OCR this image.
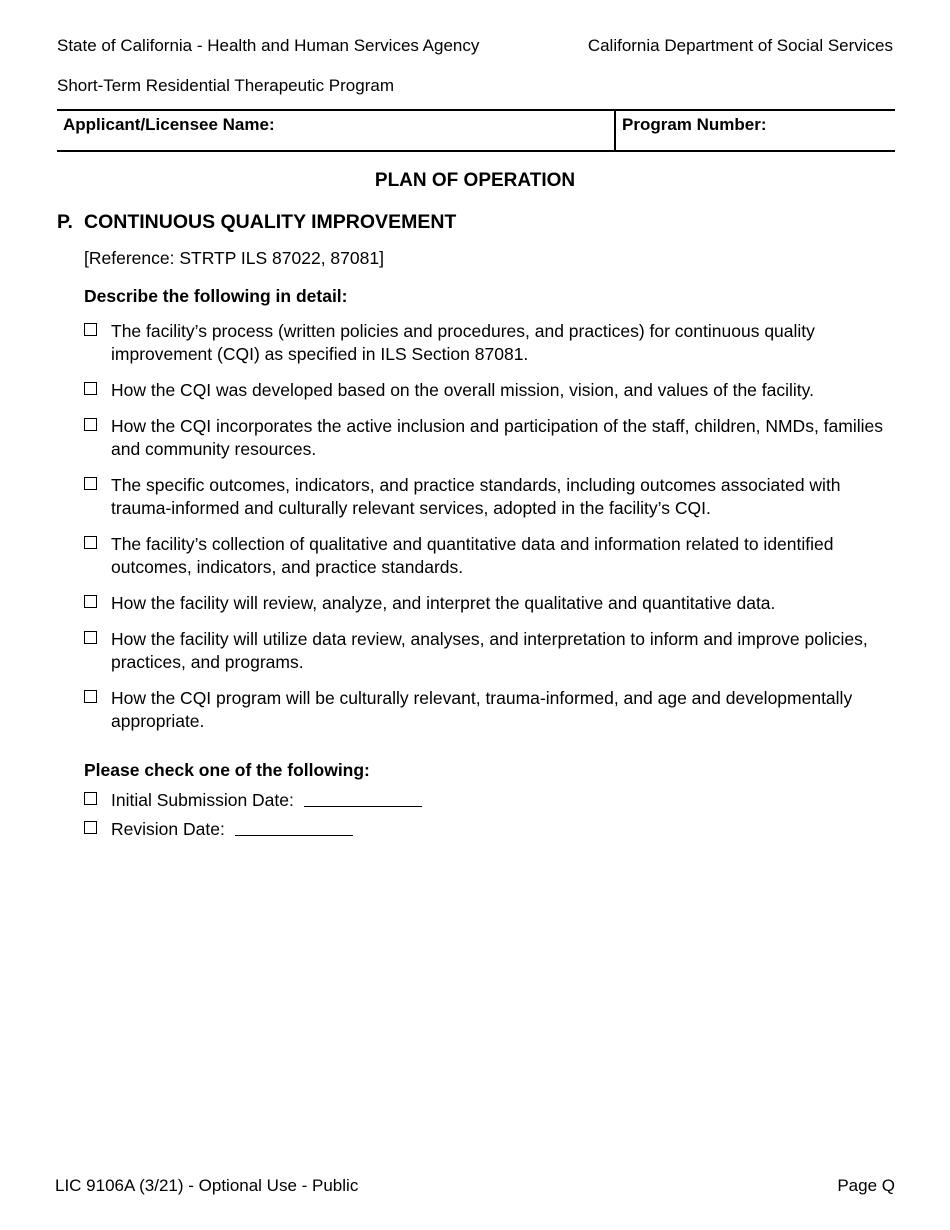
State of California - Health and Human Services Agency	California Department of Social Services
Short-Term Residential Therapeutic Program
Applicant/Licensee Name:	Program Number:
PLAN OF OPERATION
P. CONTINUOUS QUALITY IMPROVEMENT
[Reference: STRTP ILS 87022, 87081]
Describe the following in detail:
The facility’s process (written policies and procedures, and practices) for continuous quality improvement (CQI) as specified in ILS Section 87081.
How the CQI was developed based on the overall mission, vision, and values of the facility.
How the CQI incorporates the active inclusion and participation of the staff, children, NMDs, families and community resources.
The specific outcomes, indicators, and practice standards, including outcomes associated with trauma-informed and culturally relevant services, adopted in the facility’s CQI.
The facility’s collection of qualitative and quantitative data and information related to identified outcomes, indicators, and practice standards.
How the facility will review, analyze, and interpret the qualitative and quantitative data.
How the facility will utilize data review, analyses, and interpretation to inform and improve policies, practices, and programs.
How the CQI program will be culturally relevant, trauma-informed, and age and developmentally appropriate.
Please check one of the following:
Initial Submission Date:
Revision Date:
LIC 9106A (3/21) - Optional Use - Public	Page Q
